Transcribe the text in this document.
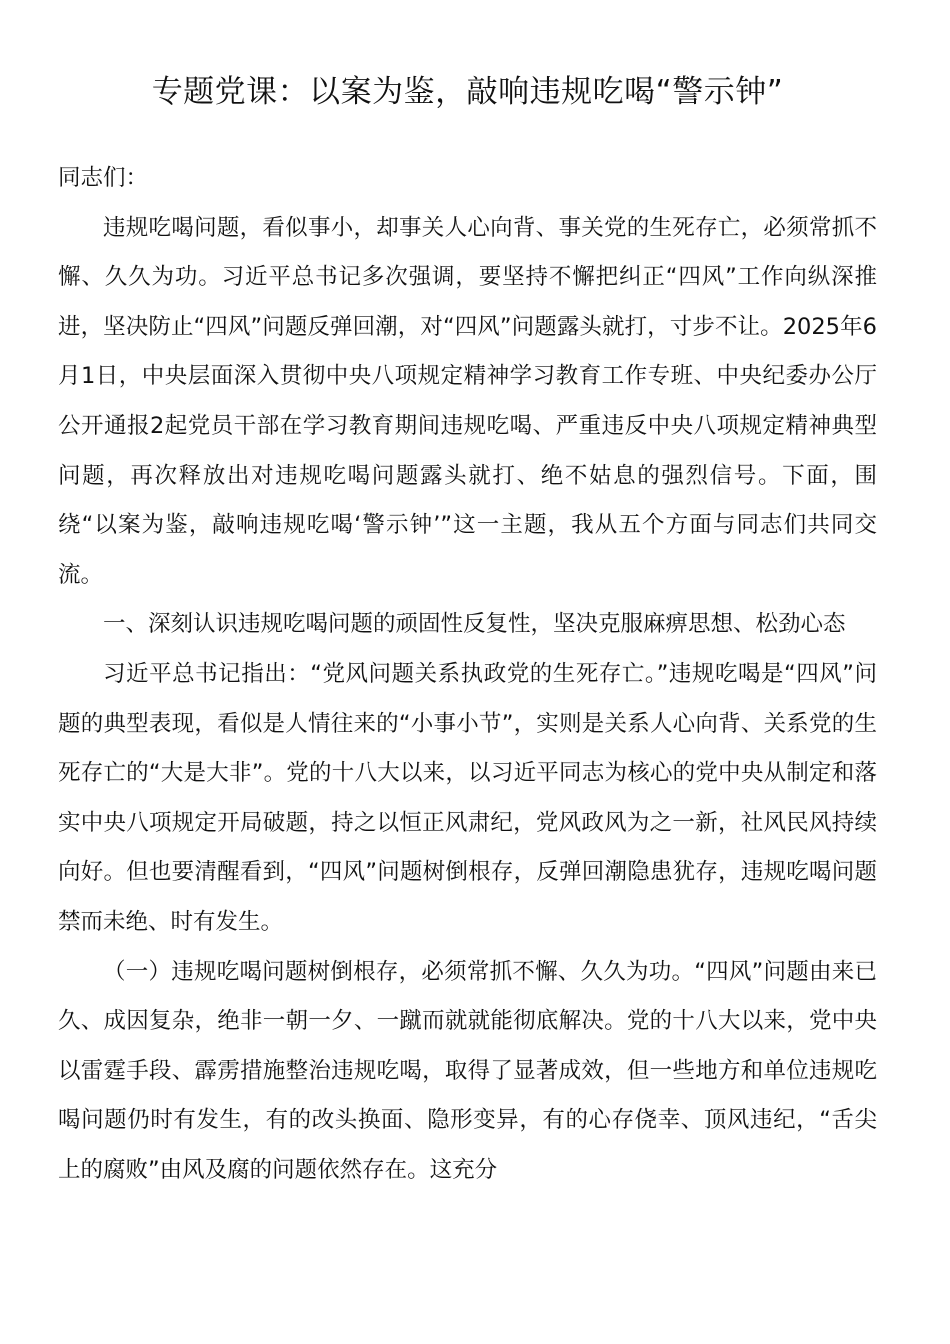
专题党课：以案为鉴，敲响违规吃喝“警示钟”

同志们：

违规吃喝问题，看似事小，却事关人心向背、事关党的生死存亡，必须常抓不懈、久久为功。习近平总书记多次强调，要坚持不懈把纠正“四风”工作向纵深推进，坚决防止“四风”问题反弹回潮，对“四风”问题露头就打，寸步不让。2025年6月1日，中央层面深入贯彻中央八项规定精神学习教育工作专班、中央纪委办公厅公开通报2起党员干部在学习教育期间违规吃喝、严重违反中央八项规定精神典型问题，再次释放出对违规吃喝问题露头就打、绝不姑息的强烈信号。下面，围绕“以案为鉴，敲响违规吃喝‘警示钟’”这一主题，我从五个方面与同志们共同交流。

一、深刻认识违规吃喝问题的顽固性反复性，坚决克服麻痹思想、松劲心态

习近平总书记指出：“党风问题关系执政党的生死存亡。”违规吃喝是“四风”问题的典型表现，看似是人情往来的“小事小节”，实则是关系人心向背、关系党的生死存亡的“大是大非”。党的十八大以来，以习近平同志为核心的党中央从制定和落实中央八项规定开局破题，持之以恒正风肃纪，党风政风为之一新，社风民风持续向好。但也要清醒看到，“四风”问题树倒根存，反弹回潮隐患犹存，违规吃喝问题禁而未绝、时有发生。

（一）违规吃喝问题树倒根存，必须常抓不懈、久久为功。“四风”问题由来已久、成因复杂，绝非一朝一夕、一蹴而就就能彻底解决。党的十八大以来，党中央以雷霆手段、霹雳措施整治违规吃喝，取得了显著成效，但一些地方和单位违规吃喝问题仍时有发生，有的改头换面、隐形变异，有的心存侥幸、顶风违纪，“舌尖上的腐败”由风及腐的问题依然存在。这充分
